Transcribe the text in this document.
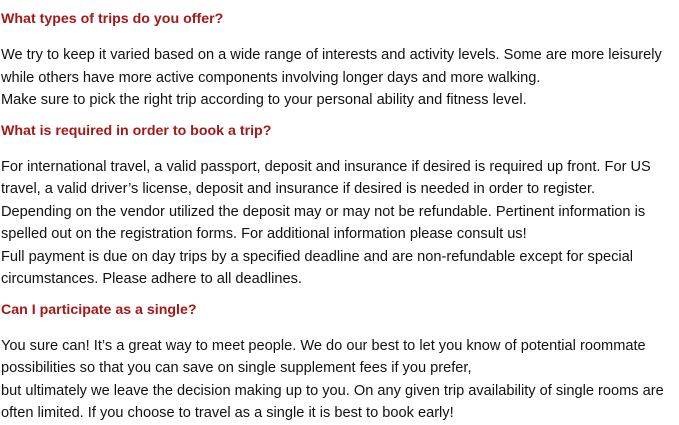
What types of trips do you offer?
We try to keep it varied based on a wide range of interests and activity levels. Some are more leisurely
while others have more active components involving longer days and more walking.
Make sure to pick the right trip according to your personal ability and fitness level.
What is required in order to book a trip?
For international travel, a valid passport, deposit and insurance if desired is required up front. For US
travel, a valid driver’s license, deposit and insurance if desired is needed in order to register.
Depending on the vendor utilized the deposit may or may not be refundable. Pertinent information is
spelled out on the registration forms. For additional information please consult us!
Full payment is due on day trips by a specified deadline and are non-refundable except for special
circumstances. Please adhere to all deadlines.
Can I participate as a single?
You sure can! It’s a great way to meet people. We do our best to let you know of potential roommate
possibilities so that you can save on single supplement fees if you prefer,
but ultimately we leave the decision making up to you. On any given trip availability of single rooms are
often limited. If you choose to travel as a single it is best to book early!
